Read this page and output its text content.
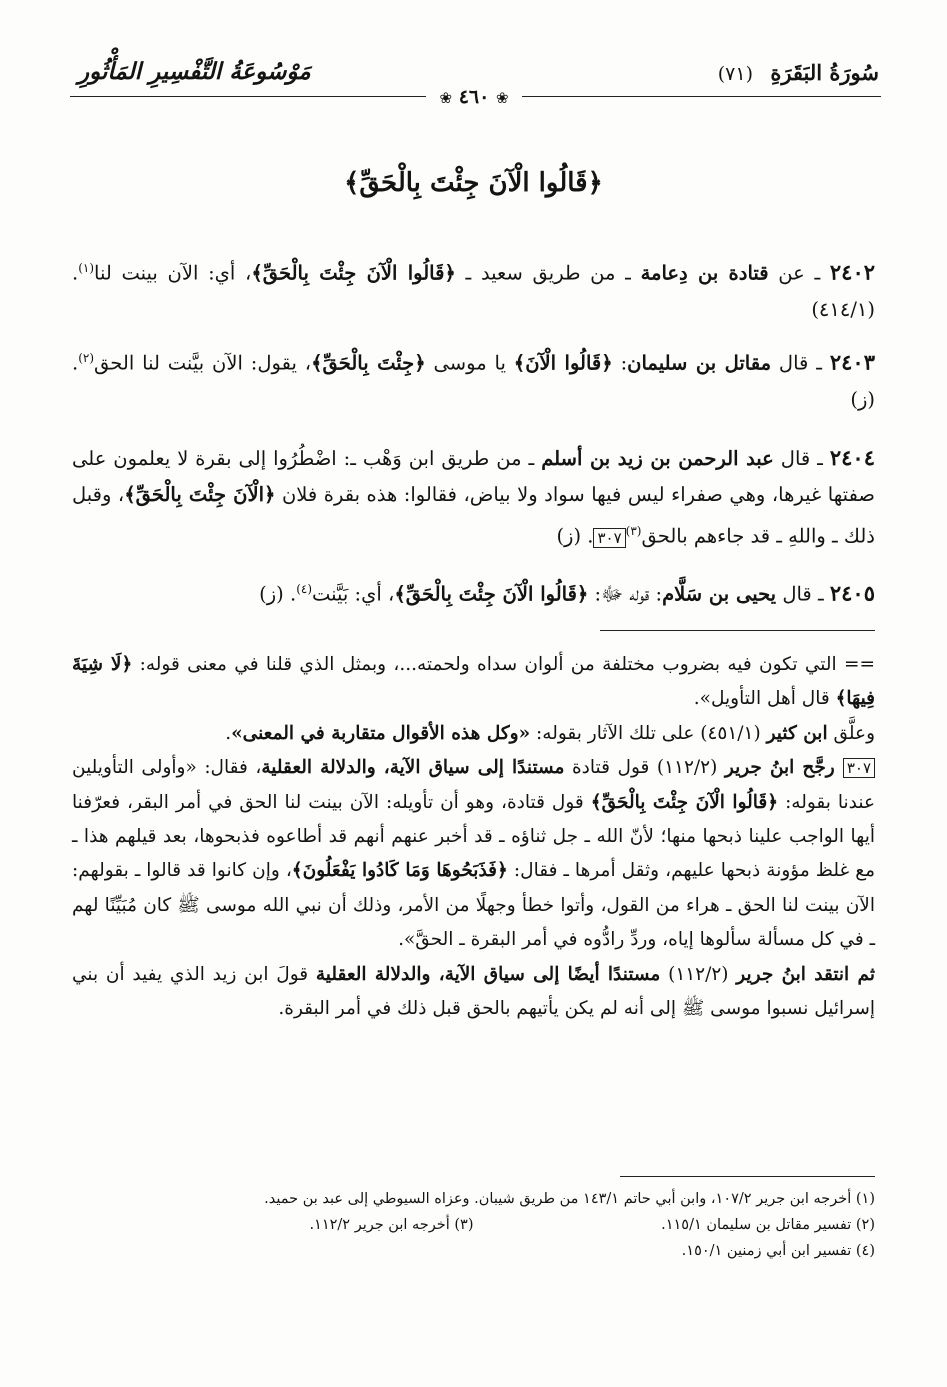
مَوْسُوعَةُ التَّفْسِيرِ المَأْثُورِ	سُورَةُ البَقَرَةِ (٧١)
❀ ٤٦٠ ❀
﴿قَالُوا الْآنَ جِئْتَ بِالْحَقِّ﴾
٢٤٠٢ ـ عن قتادة بن دِعامة ـ من طريق سعيد ـ ﴿قَالُوا الْآنَ جِئْتَ بِالْحَقِّ﴾، أي: الآن بينت لنا$^{(١)}$. (٤١٤/١)
٢٤٠٣ ـ قال مقاتل بن سليمان: ﴿قَالُوا الْآنَ﴾ يا موسى ﴿جِئْتَ بِالْحَقِّ﴾، يقول: الآن بيَّنت لنا الحق$^{(٢)}$. (ز)
٢٤٠٤ ـ قال عبد الرحمن بن زيد بن أسلم ـ من طريق ابن وَهْب ـ: اضْطُرُوا إلى بقرة لا يعلمون على صفتها غيرها، وهي صفراء ليس فيها سواد ولا بياض، فقالوا: هذه بقرة فلان ﴿الْآنَ جِئْتَ بِالْحَقِّ﴾، وقبل ذلك ـ واللهِ ـ قد جاءهم بالحق$^{(٣)}$٣٠٧. (ز)
٢٤٠٥ ـ قال يحيى بن سَلَّام: قوله ﷻ: ﴿قَالُوا الْآنَ جِئْتَ بِالْحَقِّ﴾، أي: بَيَّنت$^{(٤)}$. (ز)

== التي تكون فيه بضروب مختلفة من ألوان سداه ولحمته...، وبمثل الذي قلنا في معنى قوله: ﴿لَا شِيَةَ فِيهَا﴾ قال أهل التأويل».

وعلَّق ابن كثير (٤٥١/١) على تلك الآثار بقوله: «وكل هذه الأقوال متقاربة في المعنى».

٣٠٧ رجَّح ابنُ جرير (١١٢/٢) قول قتادة مستندًا إلى سياق الآية، والدلالة العقلية، فقال: «وأولى التأويلين عندنا بقوله: ﴿قَالُوا الْآنَ جِئْتَ بِالْحَقِّ﴾ قول قتادة، وهو أن تأويله: الآن بينت لنا الحق في أمر البقر، فعرّفنا أيها الواجب علينا ذبحها منها؛ لأنّ الله ـ جل ثناؤه ـ قد أخبر عنهم أنهم قد أطاعوه فذبحوها، بعد قيلهم هذا ـ مع غلظ مؤونة ذبحها عليهم، وثقل أمرها ـ فقال: ﴿فَذَبَحُوهَا وَمَا كَادُوا يَفْعَلُونَ﴾، وإن كانوا قد قالوا ـ بقولهم: الآن بينت لنا الحق ـ هراء من القول، وأتوا خطأ وجهلًا من الأمر، وذلك أن نبي الله موسى ﷺ كان مُبَيِّنًا لهم ـ في كل مسألة سألوها إياه، وردِّ رادُّوه في أمر البقرة ـ الحقَّ».

ثم انتقد ابنُ جرير (١١٢/٢) مستندًا أيضًا إلى سياق الآية، والدلالة العقلية قولَ ابن زيد الذي يفيد أن بني إسرائيل نسبوا موسى ﷺ إلى أنه لم يكن يأتيهم بالحق قبل ذلك في أمر البقرة.

(١) أخرجه ابن جرير ١٠٧/٢، وابن أبي حاتم ١٤٣/١ من طريق شيبان. وعزاه السيوطي إلى عبد بن حميد.

(٢) تفسير مقاتل بن سليمان ١١٥/١.
(٣) أخرجه ابن جرير ١١٢/٢.

(٤) تفسير ابن أبي زمنين ١٥٠/١.
